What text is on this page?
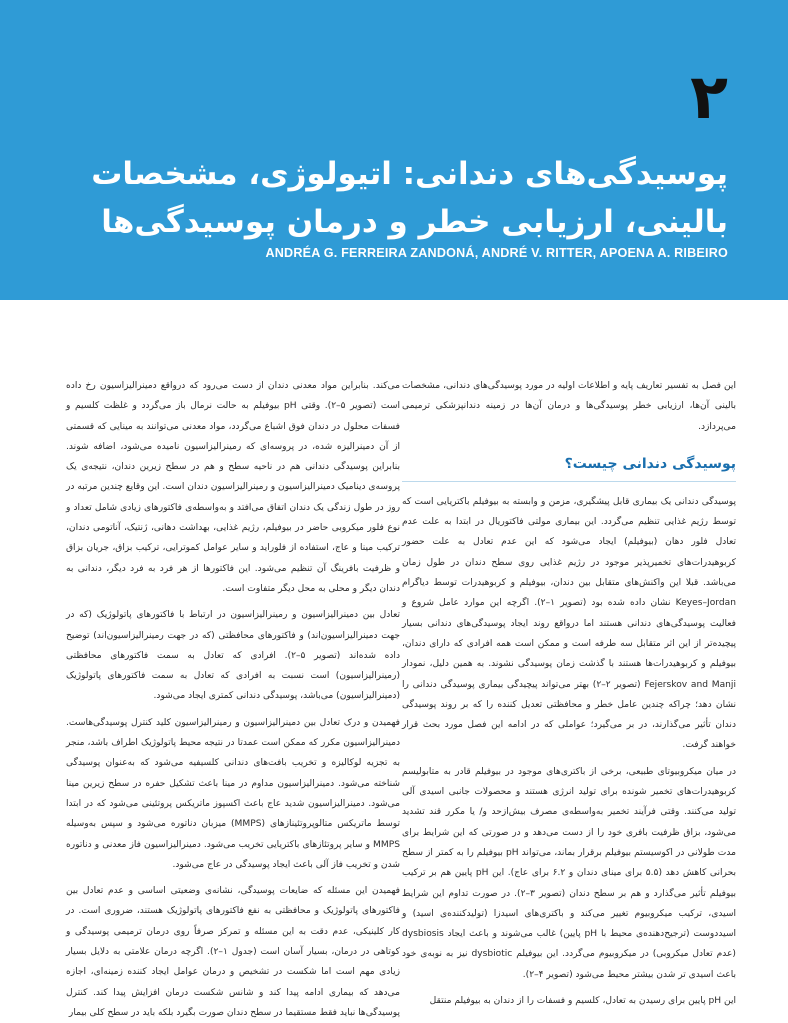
۲
پوسیدگی‌های دندانی: اتیولوژی، مشخصات بالینی، ارزیابی خطر و درمان پوسیدگی‌ها

ANDRÉA G. FERREIRA ZANDONÁ, ANDRÉ V. RITTER, APOENA A. RIBEIRO

این فصل به تفسیر تعاریف پایه و اطلاعات اولیه در مورد پوسیدگی‌های دندانی، مشخصات بالینی آن‌ها، ارزیابی خطر پوسیدگی‌ها و درمان آن‌ها در زمینه دندانپزشکی ترمیمی می‌پردازد.

پوسیدگی دندانی چیست؟

پوسیدگی دندانی یک بیماری قابل پیشگیری، مزمن و وابسته به بیوفیلم باکتریایی است که توسط رژیم غذایی تنظیم می‌گردد. این بیماری مولتی فاکتوریال در ابتدا به علت عدم تعادل فلور دهان (بیوفیلم) ایجاد می‌شود که این عدم تعادل به علت حضور کربوهیدرات‌های تخمیرپذیر موجود در رژیم غذایی روی سطح دندان در طول زمان می‌باشد. قبلا این واکنش‌های متقابل بین دندان، بیوفیلم و کربوهیدرات توسط دیاگرام Keyes–Jordan نشان داده شده بود (تصویر ۱–۲). اگرچه این موارد عامل شروع و فعالیت پوسیدگی‌های دندانی هستند اما درواقع روند ایجاد پوسیدگی‌های دندانی بسیار پیچیده‌تر از این اثر متقابل سه طرفه است و ممکن است همه افرادی که دارای دندان، بیوفیلم و کربوهیدرات‌ها هستند با گذشت زمان پوسیدگی نشوند. به همین دلیل، نمودار Fejerskov and Manji (تصویر ۲–۲) بهتر می‌تواند پیچیدگی بیماری پوسیدگی دندانی را نشان دهد؛ چراکه چندین عامل خطر و محافظتی تعدیل کننده را که بر روند پوسیدگی دندان تأثیر می‌گذارند، در بر می‌گیرد؛ عواملی که در ادامه این فصل مورد بحث قرار خواهند گرفت.

در میان میکروبیوتای طبیعی، برخی از باکتری‌های موجود در بیوفیلم قادر به متابولیسم کربوهیدرات‌های تخمیر شونده برای تولید انرژی هستند و محصولات جانبی اسیدی آلی تولید می‌کنند. وقتی فرآیند تخمیر به‌واسطه‌ی مصرف بیش‌ازحد و/ یا مکرر قند تشدید می‌شود، بزاق ظرفیت بافری خود را از دست می‌دهد و در صورتی که این شرایط برای مدت طولانی در اکوسیستم بیوفیلم برقرار بماند، می‌تواند pH بیوفیلم را به کمتر از سطح بحرانی کاهش دهد (۵.۵ برای مینای دندان و ۶.۲ برای عاج). این pH پایین هم بر ترکیب بیوفیلم تأثیر می‌گذارد و هم بر سطح دندان (تصویر ۳–۲). در صورت تداوم این شرایط اسیدی، ترکیب میکروبیوم تغییر می‌کند و باکتری‌های اسیدزا (تولیدکننده‌ی اسید) و اسیددوست (ترجیح‌دهنده‌ی محیط با pH پایین) غالب می‌شوند و باعث ایجاد dysbiosis (عدم تعادل میکروبی) در میکروبیوم می‌گردد. این بیوفیلم dysbiotic نیز به نوبه‌ی خود باعث اسیدی تر شدن بیشتر محیط می‌شود (تصویر ۴–۲).

این pH پایین برای رسیدن به تعادل، کلسیم و فسفات را از دندان به بیوفیلم منتقل

می‌کند. بنابراین مواد معدنی دندان از دست می‌رود که درواقع دمینرالیزاسیون رخ داده است (تصویر ۵–۲). وقتی pH بیوفیلم به حالت نرمال باز می‌گردد و غلظت کلسیم و فسفات محلول در دندان فوق اشباع می‌گردد، مواد معدنی می‌توانند به مینایی که قسمتی از آن دمینرالیزه شده، در پروسه‌ای که رمینرالیزاسیون نامیده می‌شود، اضافه شوند. بنابراین پوسیدگی دندانی هم در ناحیه سطح و هم در سطح زیرین دندان، نتیجه‌ی یک پروسه‌ی دینامیک دمینرالیزاسیون و رمینرالیزاسیون دندان است. این وقایع چندین مرتبه در روز در طول زندگی یک دندان اتفاق می‌افتد و به‌واسطه‌ی فاکتورهای زیادی شامل تعداد و نوع فلور میکروبی حاضر در بیوفیلم، رژیم غذایی، بهداشت دهانی، ژنتیک، آناتومی دندان، ترکیب مینا و عاج، استفاده از فلوراید و سایر عوامل کموترایی، ترکیب بزاق، جریان بزاق و ظرفیت بافرینگ آن تنظیم می‌شود. این فاکتورها از هر فرد به فرد دیگر، دندانی به دندان دیگر و محلی به محل دیگر متفاوت است.

تعادل بین دمینرالیزاسیون و رمینرالیزاسیون در ارتباط با فاکتورهای پاتولوژیک (که در جهت دمینرالیزاسیون‌اند) و فاکتورهای محافظتی (که در جهت رمینرالیزاسیون‌اند) توضیح داده شده‌اند (تصویر ۵–۲). افرادی که تعادل به سمت فاکتورهای محافظتی (رمینرالیزاسیون) است نسبت به افرادی که تعادل به سمت فاکتورهای پاتولوژیک (دمینرالیزاسیون) می‌باشد، پوسیدگی دندانی کمتری ایجاد می‌شود.

فهمیدن و درک تعادل بین دمینرالیزاسیون و رمینرالیزاسیون کلید کنترل پوسیدگی‌هاست. دمینرالیزاسیون مکرر که ممکن است عمدتا در نتیجه محیط پاتولوژیک اطراف باشد، منجر به تجزیه لوکالیزه و تخریب بافت‌های دندانی کلسیفیه می‌شود که به‌عنوان پوسیدگی شناخته می‌شود. دمینرالیزاسیون مداوم در مینا باعث تشکیل حفره در سطح زیرین مینا می‌شود. دمینرالیزاسیون شدید عاج باعث اکسپوز ماتریکس پروتئینی می‌شود که در ابتدا توسط ماتریکس متالوپروتئینازهای (MMPS) میزبان دناتوره می‌شود و سپس به‌وسیله MMPS و سایر پروتئازهای باکتریایی تخریب می‌شود. دمینرالیزاسیون فاز معدنی و دناتوره شدن و تخریب فاز آلی باعث ایجاد پوسیدگی در عاج می‌شود.

فهمیدن این مسئله که ضایعات پوسیدگی، نشانه‌ی وضعیتی اساسی و عدم تعادل بین فاکتورهای پاتولوژیک و محافظتی به نفع فاکتورهای پاتولوژیک هستند، ضروری است. در کار کلینیکی، عدم دقت به این مسئله و تمرکز صرفاً روی درمان ترمیمی پوسیدگی و کوتاهی در درمان، بسیار آسان است (جدول ۱–۲). اگرچه درمان علامتی به دلایل بسیار زیادی مهم است اما شکست در تشخیص و درمان عوامل ایجاد کننده زمینه‌ای، اجازه می‌دهد که بیماری ادامه پیدا کند و شانس شکست درمان افزایش پیدا کند. کنترل پوسیدگی‌ها نباید فقط مستقیما در سطح دندان صورت بگیرد بلکه باید در سطح کلی بیمار
